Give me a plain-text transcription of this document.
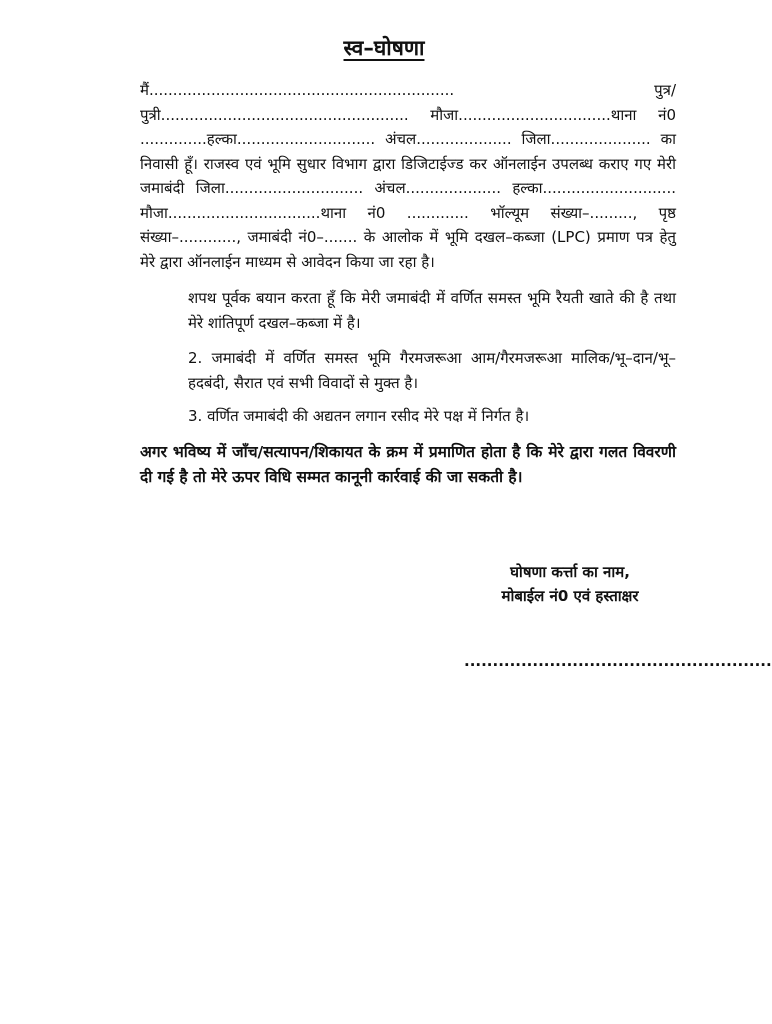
स्व–घोषणा

मैं................................................................ पुत्र/पुत्री.................................................... मौजा................................थाना नं0 ..............हल्का............................. अंचल.................... जिला..................... का निवासी हूँ। राजस्व एवं भूमि सुधार विभाग द्वारा डिजिटाईज्ड कर ऑनलाईन उपलब्ध कराए गए मेरी जमाबंदी जिला............................. अंचल.................... हल्का............................ मौजा................................थाना नं0 ............. भॉल्यूम संख्या–........., पृष्ठ संख्या–............, जमाबंदी नं0–....... के आलोक में भूमि दखल–कब्जा (LPC) प्रमाण पत्र हेतु मेरे द्वारा ऑनलाईन माध्यम से आवेदन किया जा रहा है।

शपथ पूर्वक बयान करता हूँ कि मेरी जमाबंदी में वर्णित समस्त भूमि रैयती खाते की है तथा मेरे शांतिपूर्ण दखल–कब्जा में है।

2. जमाबंदी में वर्णित समस्त भूमि गैरमजरूआ आम/गैरमजरूआ मालिक/भू–दान/भू–हदबंदी, सैरात एवं सभी विवादों से मुक्त है।

3. वर्णित जमाबंदी की अद्यतन लगान रसीद मेरे पक्ष में निर्गत है।

अगर भविष्य में जाँच/सत्यापन/शिकायत के क्रम में प्रमाणित होता है कि मेरे द्वारा गलत विवरणी दी गई है तो मेरे ऊपर विधि सम्मत कानूनी कार्रवाई की जा सकती है।

घोषणा कर्त्ता का नाम,
मोबाईल नं0 एवं हस्ताक्षर
......................................................
